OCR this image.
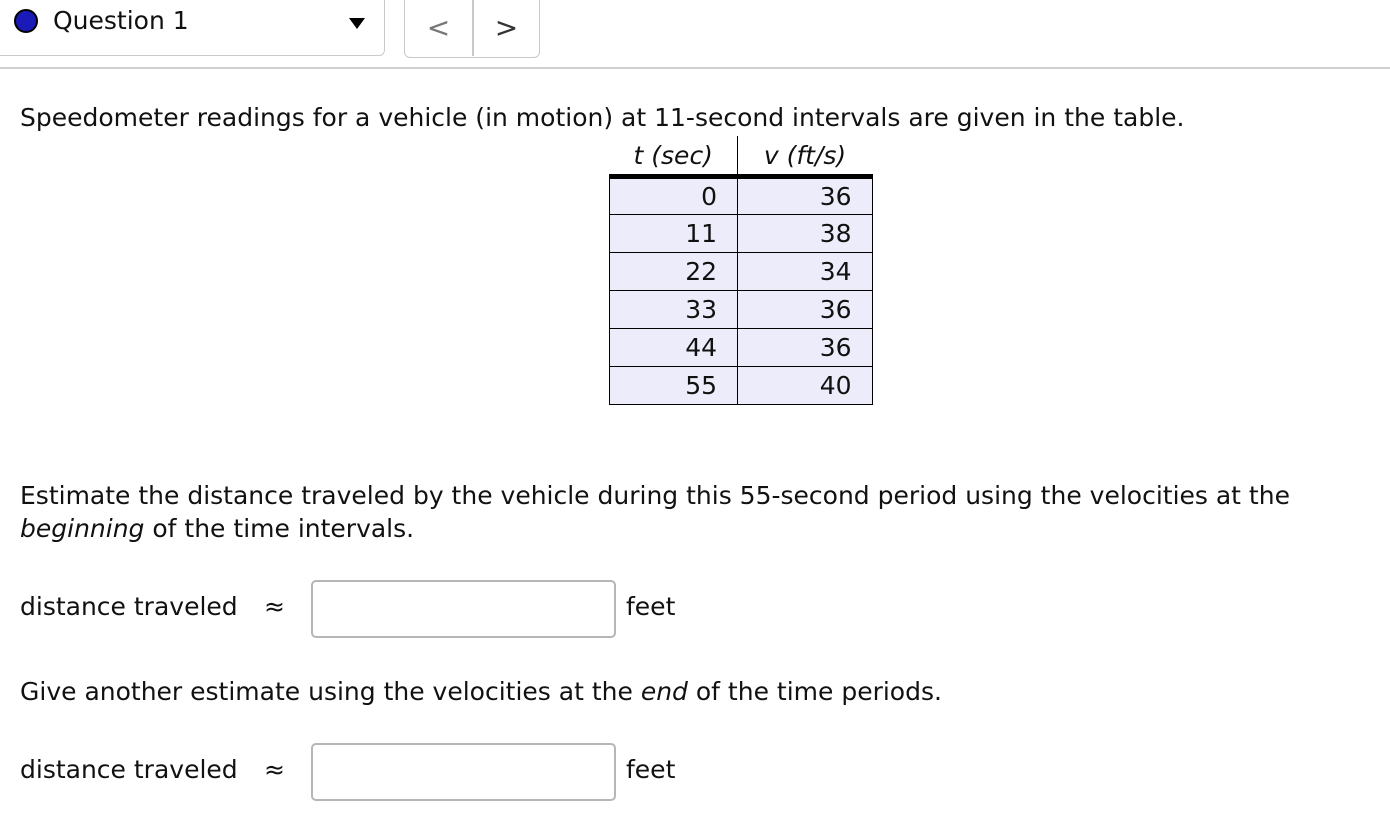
Question 1	<	>
Speedometer readings for a vehicle (in motion) at 11-second intervals are given in the table.
t (sec)	v (ft/s)
0	36
11	38
22	34
33	36
44	36
55	40
Estimate the distance traveled by the vehicle during this 55-second period using the velocities at the beginning of the time intervals.
distance traveled ≈	feet
Give another estimate using the velocities at the end of the time periods.
distance traveled ≈	feet
